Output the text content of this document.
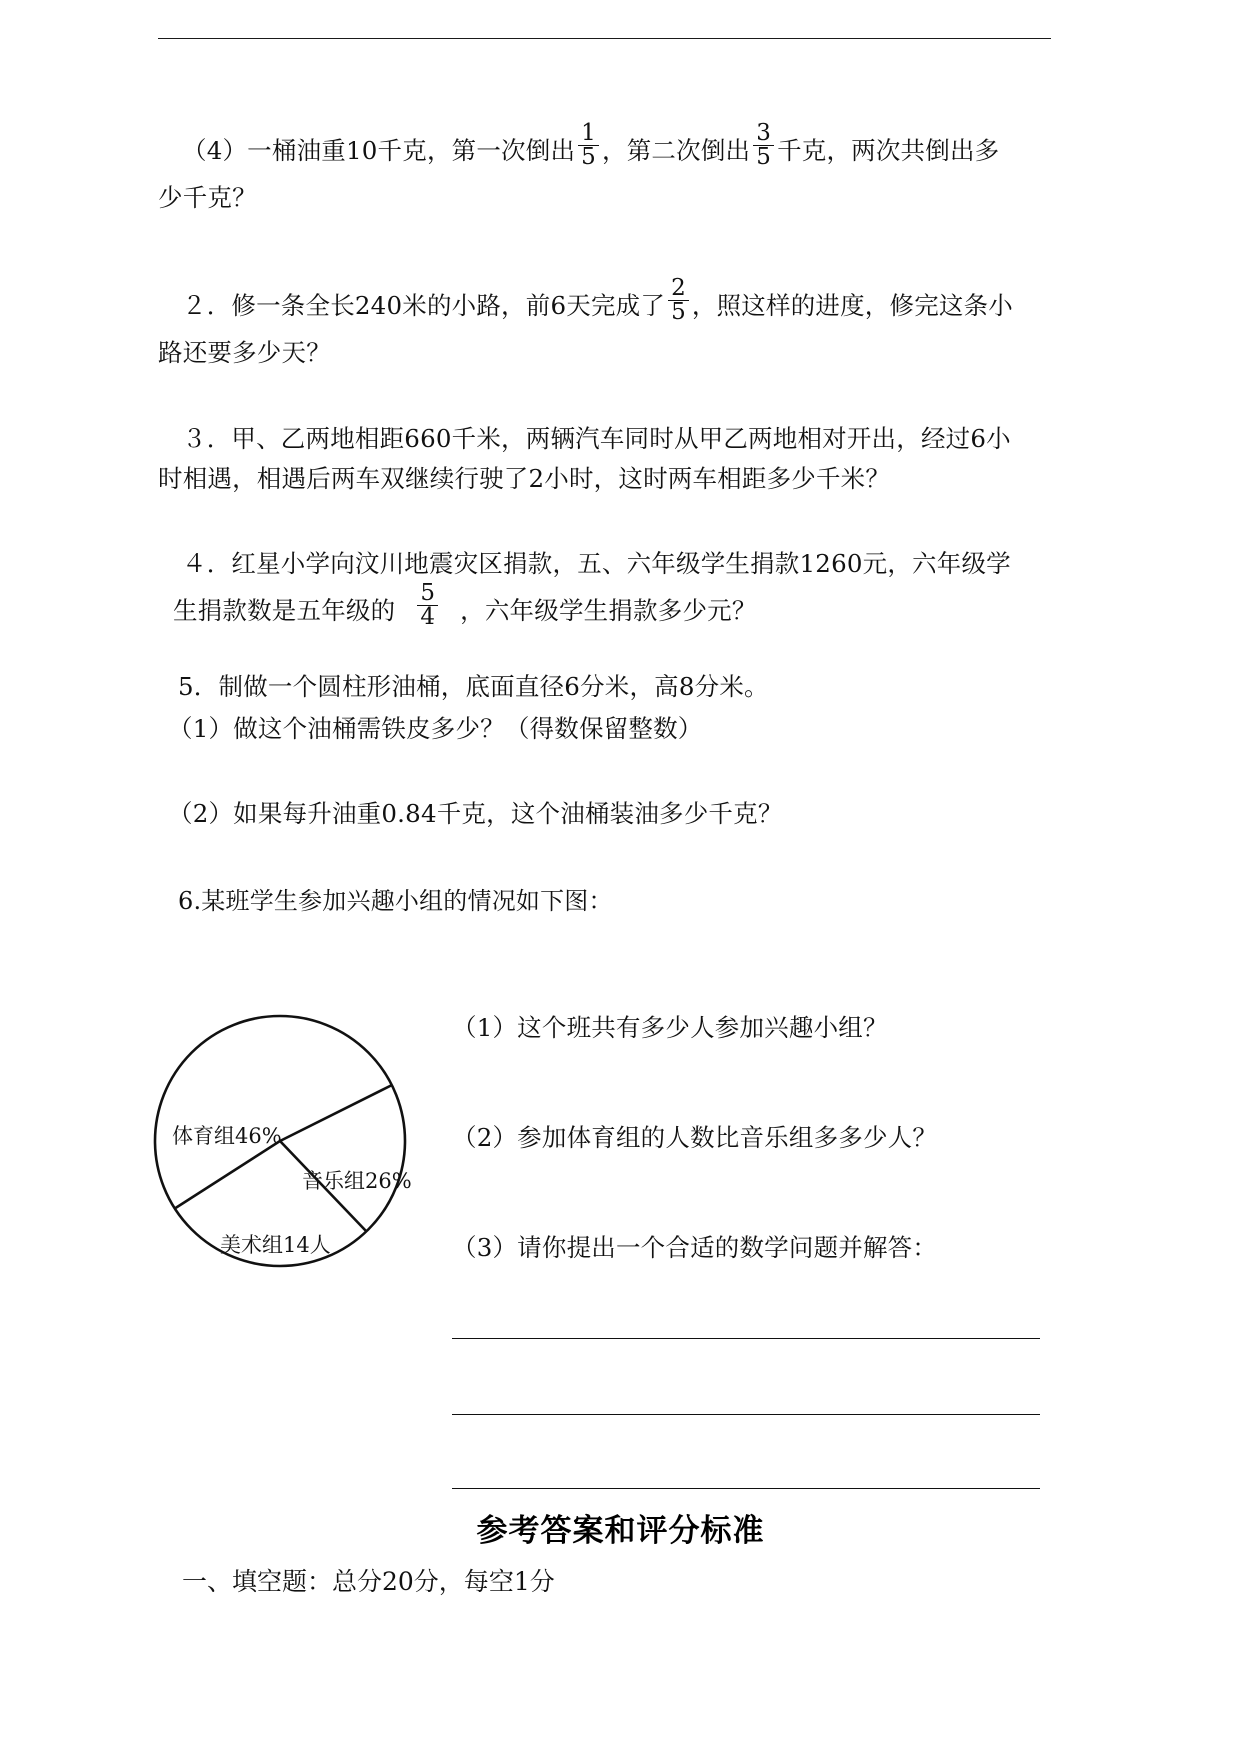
（4）一桶油重10千克，第一次倒出 $\frac{1}{5}$ ，第二次倒出 $\frac{3}{5}$ 千克，两次共倒出多
少千克？
２．修一条全长240米的小路，前6天完成了 $\frac{2}{5}$ ，照这样的进度，修完这条小
路还要多少天？
３．甲、乙两地相距660千米，两辆汽车同时从甲乙两地相对开出，经过6小
时相遇，相遇后两车双继续行驶了2小时，这时两车相距多少千米？
４．红星小学向汶川地震灾区捐款，五、六年级学生捐款1260元，六年级学
生捐款数是五年级的 $\frac{5}{4}$ ，六年级学生捐款多少元？
5．制做一个圆柱形油桶，底面直径6分米，高8分米。
（1）做这个油桶需铁皮多少？（得数保留整数）
（2）如果每升油重0.84千克，这个油桶装油多少千克？
6.某班学生参加兴趣小组的情况如下图：
体育组46%
音乐组26%
美术组14人
（1）这个班共有多少人参加兴趣小组？
（2）参加体育组的人数比音乐组多多少人？
（3）请你提出一个合适的数学问题并解答：
参考答案和评分标准
一、填空题：总分20分，每空1分
